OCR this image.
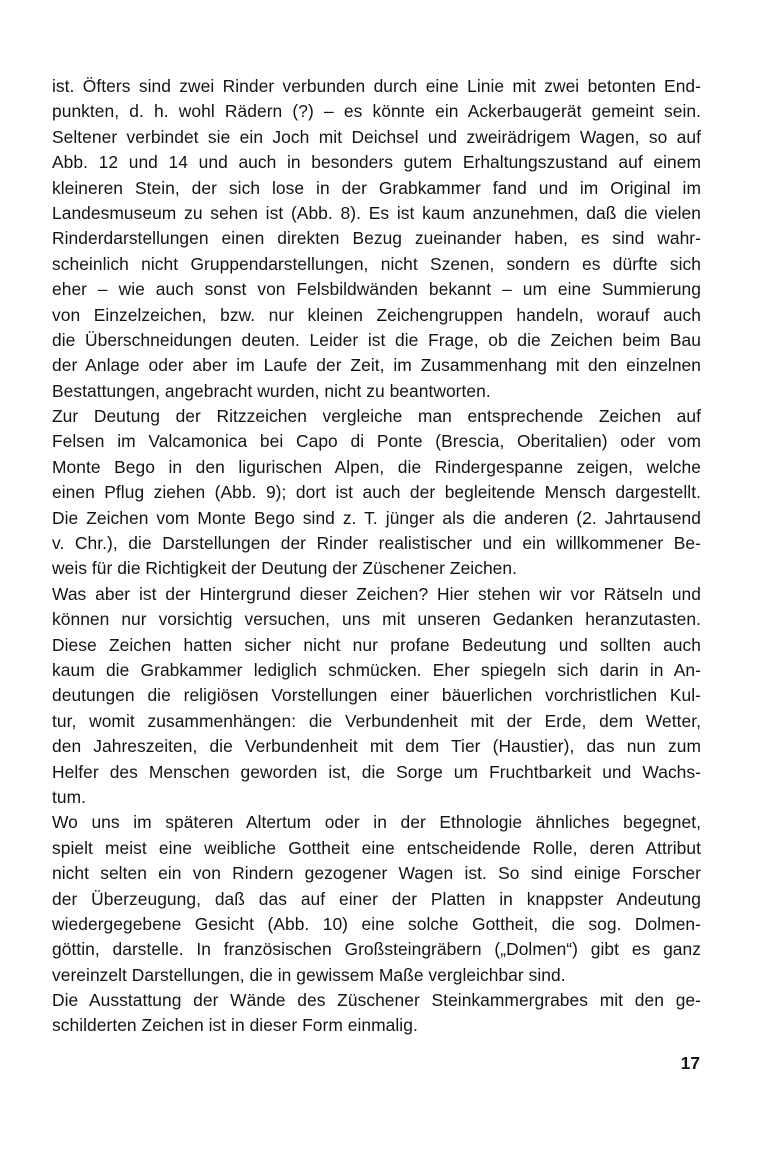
ist. Öfters sind zwei Rinder verbunden durch eine Linie mit zwei betonten End-
punkten, d. h. wohl Rädern (?) – es könnte ein Ackerbaugerät gemeint sein.
Seltener verbindet sie ein Joch mit Deichsel und zweirädrigem Wagen, so auf
Abb. 12 und 14 und auch in besonders gutem Erhaltungszustand auf einem
kleineren Stein, der sich lose in der Grabkammer fand und im Original im
Landesmuseum zu sehen ist (Abb. 8). Es ist kaum anzunehmen, daß die vielen
Rinderdarstellungen einen direkten Bezug zueinander haben, es sind wahr-
scheinlich nicht Gruppendarstellungen, nicht Szenen, sondern es dürfte sich
eher – wie auch sonst von Felsbildwänden bekannt – um eine Summierung
von Einzelzeichen, bzw. nur kleinen Zeichengruppen handeln, worauf auch
die Überschneidungen deuten. Leider ist die Frage, ob die Zeichen beim Bau
der Anlage oder aber im Laufe der Zeit, im Zusammenhang mit den einzelnen
Bestattungen, angebracht wurden, nicht zu beantworten.
Zur Deutung der Ritzzeichen vergleiche man entsprechende Zeichen auf
Felsen im Valcamonica bei Capo di Ponte (Brescia, Oberitalien) oder vom
Monte Bego in den ligurischen Alpen, die Rindergespanne zeigen, welche
einen Pflug ziehen (Abb. 9); dort ist auch der begleitende Mensch dargestellt.
Die Zeichen vom Monte Bego sind z. T. jünger als die anderen (2. Jahrtausend
v. Chr.), die Darstellungen der Rinder realistischer und ein willkommener Be-
weis für die Richtigkeit der Deutung der Züschener Zeichen.
Was aber ist der Hintergrund dieser Zeichen? Hier stehen wir vor Rätseln und
können nur vorsichtig versuchen, uns mit unseren Gedanken heranzutasten.
Diese Zeichen hatten sicher nicht nur profane Bedeutung und sollten auch
kaum die Grabkammer lediglich schmücken. Eher spiegeln sich darin in An-
deutungen die religiösen Vorstellungen einer bäuerlichen vorchristlichen Kul-
tur, womit zusammenhängen: die Verbundenheit mit der Erde, dem Wetter,
den Jahreszeiten, die Verbundenheit mit dem Tier (Haustier), das nun zum
Helfer des Menschen geworden ist, die Sorge um Fruchtbarkeit und Wachs-
tum.
Wo uns im späteren Altertum oder in der Ethnologie ähnliches begegnet,
spielt meist eine weibliche Gottheit eine entscheidende Rolle, deren Attribut
nicht selten ein von Rindern gezogener Wagen ist. So sind einige Forscher
der Überzeugung, daß das auf einer der Platten in knappster Andeutung
wiedergegebene Gesicht (Abb. 10) eine solche Gottheit, die sog. Dolmen-
göttin, darstelle. In französischen Großsteingräbern („Dolmen“) gibt es ganz
vereinzelt Darstellungen, die in gewissem Maße vergleichbar sind.
Die Ausstattung der Wände des Züschener Steinkammergrabes mit den ge-
schilderten Zeichen ist in dieser Form einmalig.
17
